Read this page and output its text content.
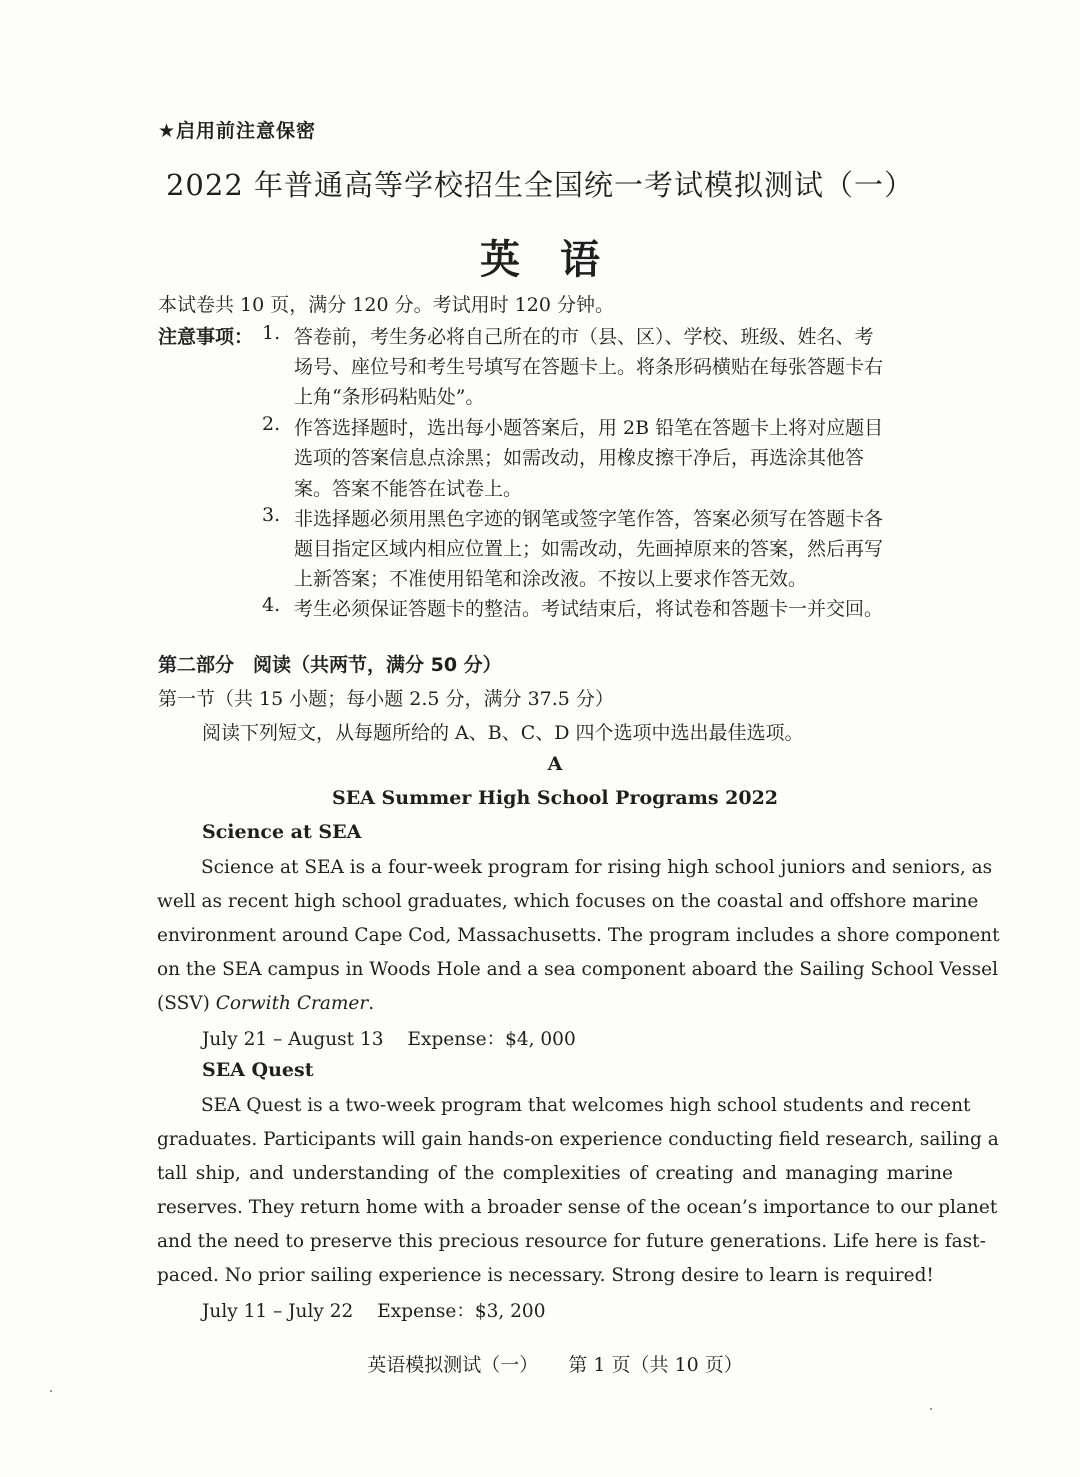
★启用前注意保密
2022 年普通高等学校招生全国统一考试模拟测试（一）
英语
本试卷共 10 页，满分 120 分。考试用时 120 分钟。
注意事项： 1. 答卷前，考生务必将自己所在的市（县、区）、学校、班级、姓名、考
场号、座位号和考生号填写在答题卡上。将条形码横贴在每张答题卡右
上角“条形码粘贴处”。
2. 作答选择题时，选出每小题答案后，用 2B 铅笔在答题卡上将对应题目
选项的答案信息点涂黑；如需改动，用橡皮擦干净后，再选涂其他答
案。答案不能答在试卷上。
3. 非选择题必须用黑色字迹的钢笔或签字笔作答，答案必须写在答题卡各
题目指定区域内相应位置上；如需改动，先画掉原来的答案，然后再写
上新答案；不准使用铅笔和涂改液。不按以上要求作答无效。
4. 考生必须保证答题卡的整洁。考试结束后，将试卷和答题卡一并交回。
第二部分　阅读（共两节，满分 50 分）
第一节（共 15 小题；每小题 2.5 分，满分 37.5 分）
阅读下列短文，从每题所给的 A、B、C、D 四个选项中选出最佳选项。
A
SEA Summer High School Programs 2022
Science at SEA
Science at SEA is a four-week program for rising high school juniors and seniors, as
well as recent high school graduates, which focuses on the coastal and offshore marine
environment around Cape Cod, Massachusetts. The program includes a shore component
on the SEA campus in Woods Hole and a sea component aboard the Sailing School Vessel
(SSV) Corwith Cramer.
July 21 – August 13 Expense：$4, 000
SEA Quest
SEA Quest is a two-week program that welcomes high school students and recent
graduates. Participants will gain hands-on experience conducting field research, sailing a
tall ship, and understanding of the complexities of creating and managing marine
reserves. They return home with a broader sense of the ocean’s importance to our planet
and the need to preserve this precious resource for future generations. Life here is fast-
paced. No prior sailing experience is necessary. Strong desire to learn is required!
July 11 – July 22 Expense：$3, 200
英语模拟测试（一） 第 1 页（共 10 页）
